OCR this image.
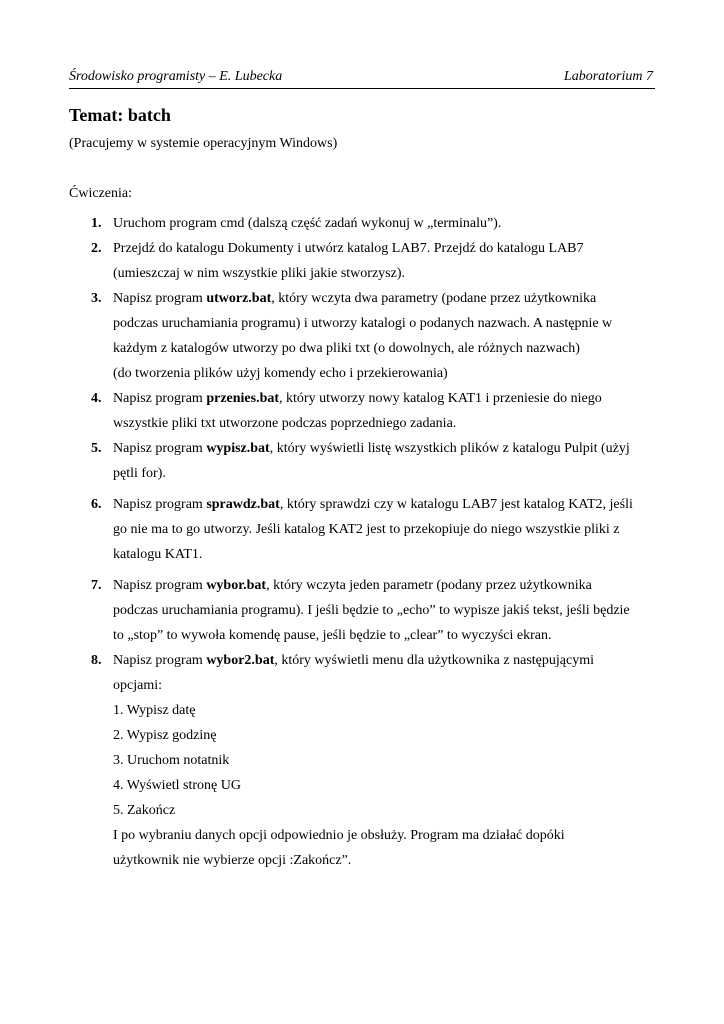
Środowisko programisty – E. Lubecka	Laboratorium 7
Temat: batch
(Pracujemy w systemie operacyjnym Windows)
Ćwiczenia:
1. Uruchom program cmd (dalszą część zadań wykonuj w „terminalu”).
2. Przejdź do katalogu Dokumenty i utwórz katalog LAB7. Przejdź do katalogu LAB7
(umieszczaj w nim wszystkie pliki jakie stworzysz).
3. Napisz program utworz.bat, który wczyta dwa parametry (podane przez użytkownika
podczas uruchamiania programu) i utworzy katalogi o podanych nazwach. A następnie w
każdym z katalogów utworzy po dwa pliki txt (o dowolnych, ale różnych nazwach)
(do tworzenia plików użyj komendy echo i przekierowania)
4. Napisz program przenies.bat, który utworzy nowy katalog KAT1 i przeniesie do niego
wszystkie pliki txt utworzone podczas poprzedniego zadania.
5. Napisz program wypisz.bat, który wyświetli listę wszystkich plików z katalogu Pulpit (użyj
pętli for).
6. Napisz program sprawdz.bat, który sprawdzi czy w katalogu LAB7 jest katalog KAT2, jeśli
go nie ma to go utworzy. Jeśli katalog KAT2 jest to przekopiuje do niego wszystkie pliki z
katalogu KAT1.
7. Napisz program wybor.bat, który wczyta jeden parametr (podany przez użytkownika
podczas uruchamiania programu). I jeśli będzie to „echo” to wypisze jakiś tekst, jeśli będzie
to „stop” to wywoła komendę pause, jeśli będzie to „clear” to wyczyści ekran.
8. Napisz program wybor2.bat, który wyświetli menu dla użytkownika z następującymi
opcjami:
1. Wypisz datę
2. Wypisz godzinę
3. Uruchom notatnik
4. Wyświetl stronę UG
5. Zakończ
I po wybraniu danych opcji odpowiednio je obsłuży. Program ma działać dopóki
użytkownik nie wybierze opcji :Zakończ”.
